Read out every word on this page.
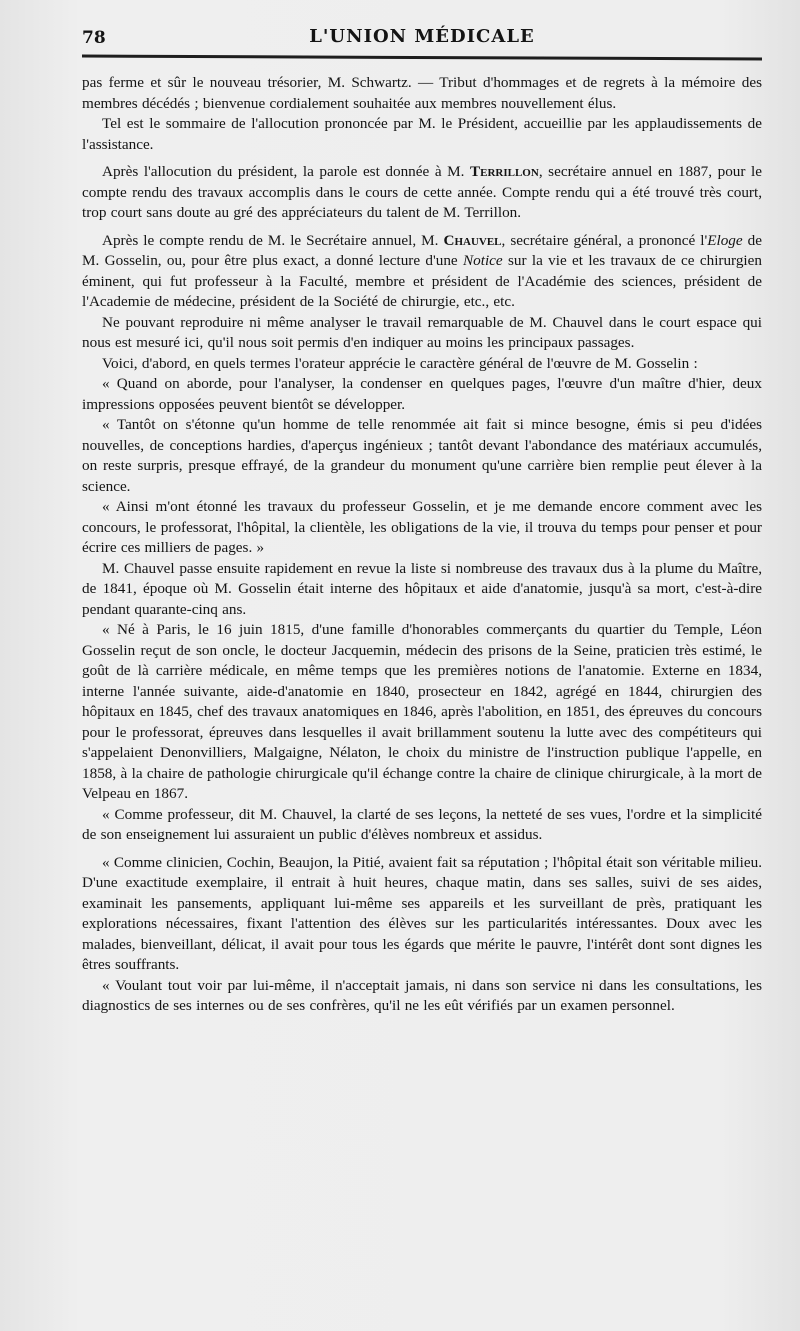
78	L'UNION MÉDICALE

pas ferme et sûr le nouveau trésorier, M. Schwartz. — Tribut d'hommages et de regrets à la mémoire des membres décédés ; bienvenue cordialement souhaitée aux membres nouvellement élus.

Tel est le sommaire de l'allocution prononcée par M. le Président, accueillie par les applaudissements de l'assistance.

Après l'allocution du président, la parole est donnée à M. Terrillon, secrétaire annuel en 1887, pour le compte rendu des travaux accomplis dans le cours de cette année. Compte rendu qui a été trouvé très court, trop court sans doute au gré des appréciateurs du talent de M. Terrillon.

Après le compte rendu de M. le Secrétaire annuel, M. Chauvel, secrétaire général, a prononcé l'Eloge de M. Gosselin, ou, pour être plus exact, a donné lecture d'une Notice sur la vie et les travaux de ce chirurgien éminent, qui fut professeur à la Faculté, membre et président de l'Académie des sciences, président de l'Academie de médecine, président de la Société de chirurgie, etc., etc.

Ne pouvant reproduire ni même analyser le travail remarquable de M. Chauvel dans le court espace qui nous est mesuré ici, qu'il nous soit permis d'en indiquer au moins les principaux passages.

Voici, d'abord, en quels termes l'orateur apprécie le caractère général de l'œuvre de M. Gosselin :

« Quand on aborde, pour l'analyser, la condenser en quelques pages, l'œuvre d'un maître d'hier, deux impressions opposées peuvent bientôt se développer.

« Tantôt on s'étonne qu'un homme de telle renommée ait fait si mince besogne, émis si peu d'idées nouvelles, de conceptions hardies, d'aperçus ingénieux ; tantôt devant l'abondance des matériaux accumulés, on reste surpris, presque effrayé, de la grandeur du monument qu'une carrière bien remplie peut élever à la science.

« Ainsi m'ont étonné les travaux du professeur Gosselin, et je me demande encore comment avec les concours, le professorat, l'hôpital, la clientèle, les obligations de la vie, il trouva du temps pour penser et pour écrire ces milliers de pages. »

M. Chauvel passe ensuite rapidement en revue la liste si nombreuse des travaux dus à la plume du Maître, de 1841, époque où M. Gosselin était interne des hôpitaux et aide d'anatomie, jusqu'à sa mort, c'est-à-dire pendant quarante-cinq ans.

« Né à Paris, le 16 juin 1815, d'une famille d'honorables commerçants du quartier du Temple, Léon Gosselin reçut de son oncle, le docteur Jacquemin, médecin des prisons de la Seine, praticien très estimé, le goût de là carrière médicale, en même temps que les premières notions de l'anatomie. Externe en 1834, interne l'année suivante, aide-d'anatomie en 1840, prosecteur en 1842, agrégé en 1844, chirurgien des hôpitaux en 1845, chef des travaux anatomiques en 1846, après l'abolition, en 1851, des épreuves du concours pour le professorat, épreuves dans lesquelles il avait brillamment soutenu la lutte avec des compétiteurs qui s'appelaient Denonvilliers, Malgaigne, Nélaton, le choix du ministre de l'instruction publique l'appelle, en 1858, à la chaire de pathologie chirurgicale qu'il échange contre la chaire de clinique chirurgicale, à la mort de Velpeau en 1867.

« Comme professeur, dit M. Chauvel, la clarté de ses leçons, la netteté de ses vues, l'ordre et la simplicité de son enseignement lui assuraient un public d'élèves nombreux et assidus.

« Comme clinicien, Cochin, Beaujon, la Pitié, avaient fait sa réputation ; l'hôpital était son véritable milieu. D'une exactitude exemplaire, il entrait à huit heures, chaque matin, dans ses salles, suivi de ses aides, examinait les pansements, appliquant lui-même ses appareils et les surveillant de près, pratiquant les explorations nécessaires, fixant l'attention des élèves sur les particularités intéressantes. Doux avec les malades, bienveillant, délicat, il avait pour tous les égards que mérite le pauvre, l'intérêt dont sont dignes les êtres souffrants.

« Voulant tout voir par lui-même, il n'acceptait jamais, ni dans son service ni dans les consultations, les diagnostics de ses internes ou de ses confrères, qu'il ne les eût vérifiés par un examen personnel.
